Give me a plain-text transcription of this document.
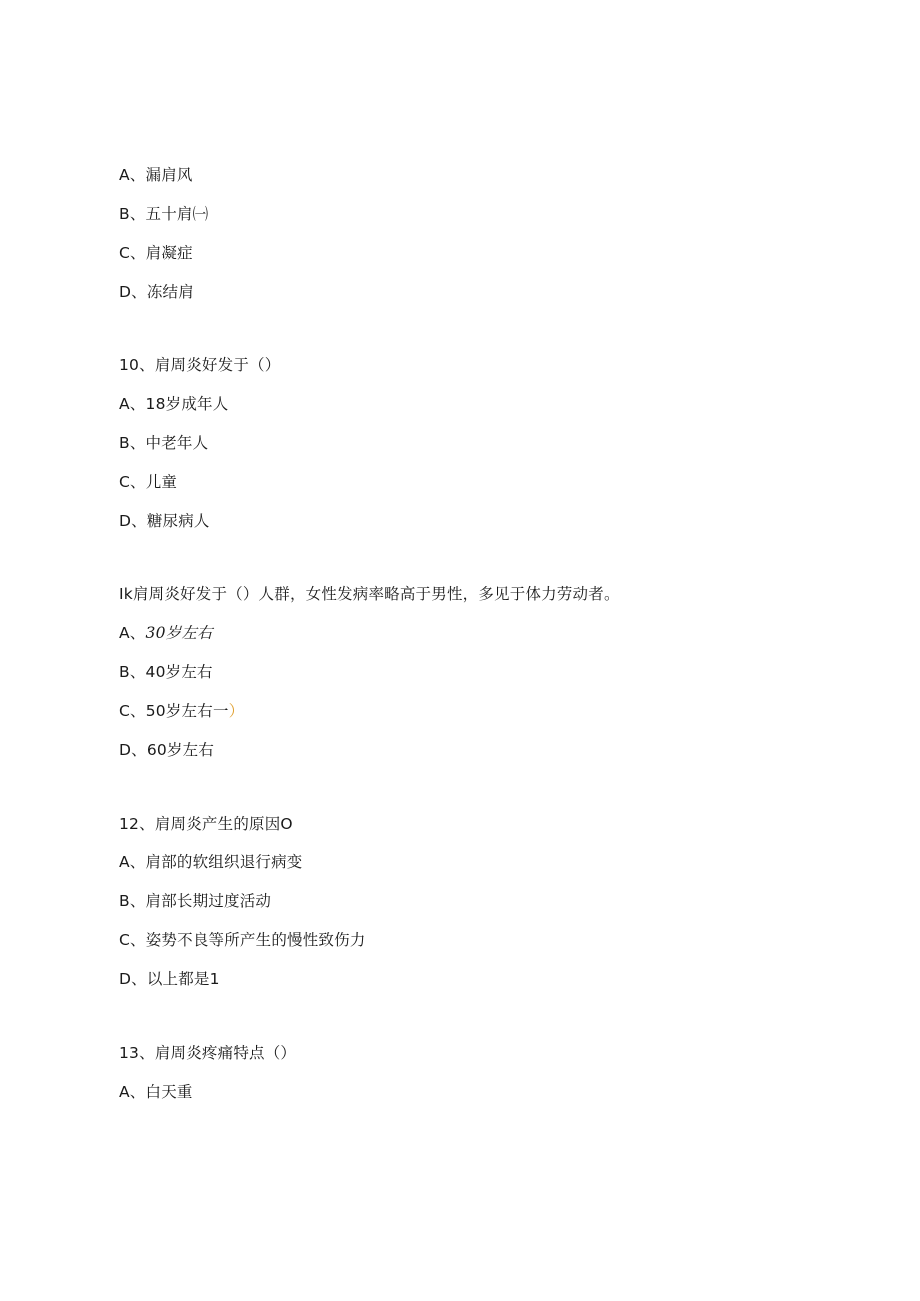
A、漏肩风
B、五十肩㈠
C、肩凝症
D、冻结肩
10、肩周炎好发于（）
A、18岁成年人
B、中老年人
C、儿童
D、糖尿病人
Ik肩周炎好发于（）人群，女性发病率略高于男性，多见于体力劳动者。
A、30岁左右
B、40岁左右
C、50岁左右一）
D、60岁左右
12、肩周炎产生的原因O
A、肩部的软组织退行病变
B、肩部长期过度活动
C、姿势不良等所产生的慢性致伤力
D、以上都是1
13、肩周炎疼痛特点（）
A、白天重
